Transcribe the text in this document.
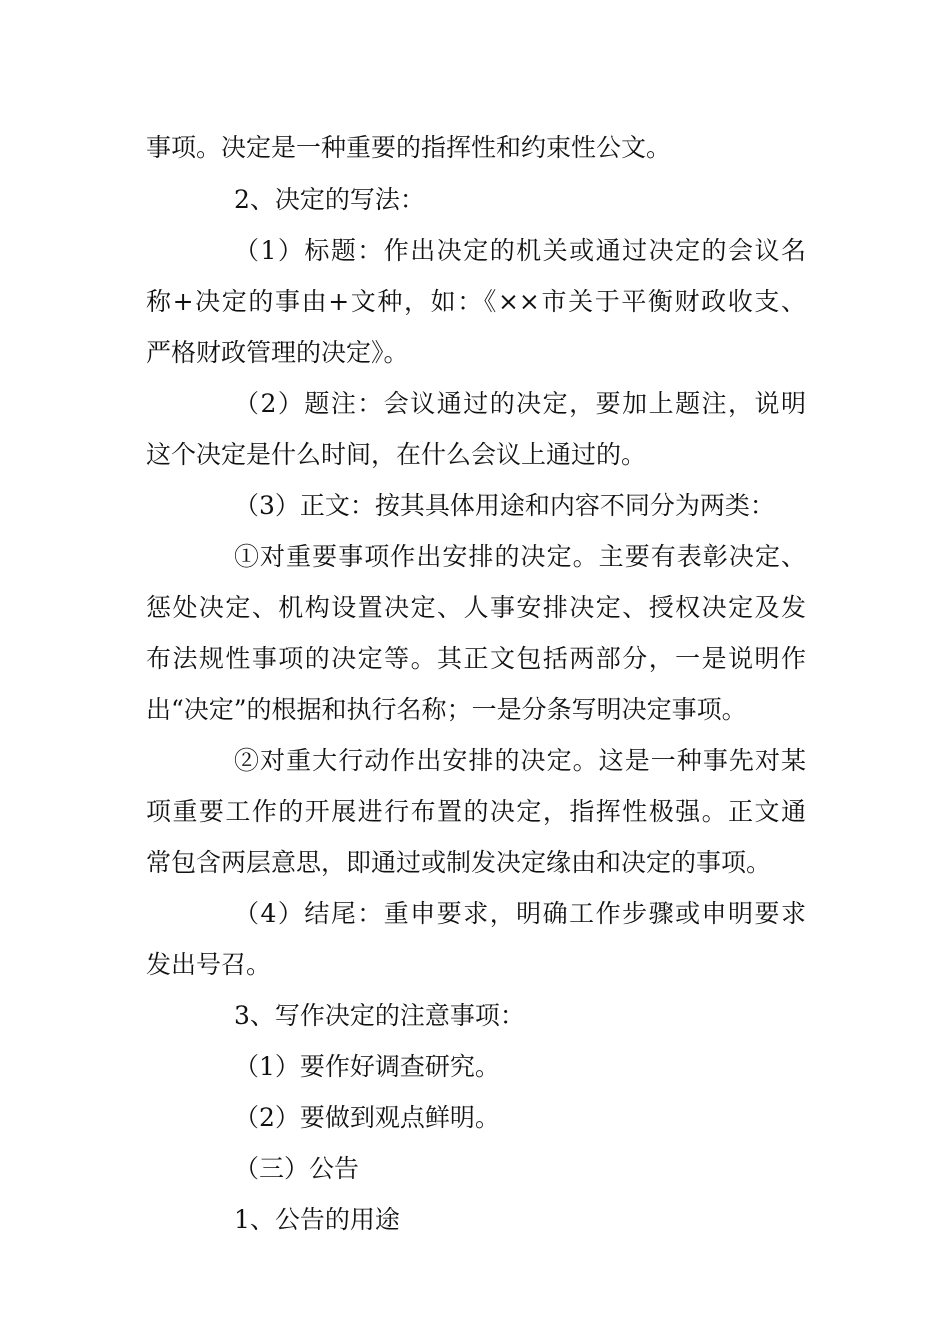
事项。决定是一种重要的指挥性和约束性公文。
2、决定的写法：
（1）标题：作出决定的机关或通过决定的会议名
称+决定的事由+文种，如：《××市关于平衡财政收支、
严格财政管理的决定》。
（2）题注：会议通过的决定，要加上题注，说明
这个决定是什么时间，在什么会议上通过的。
（3）正文：按其具体用途和内容不同分为两类：
①对重要事项作出安排的决定。主要有表彰决定、
惩处决定、机构设置决定、人事安排决定、授权决定及发
布法规性事项的决定等。其正文包括两部分，一是说明作
出“决定”的根据和执行名称；一是分条写明决定事项。
②对重大行动作出安排的决定。这是一种事先对某
项重要工作的开展进行布置的决定，指挥性极强。正文通
常包含两层意思，即通过或制发决定缘由和决定的事项。
（4）结尾：重申要求，明确工作步骤或申明要求
发出号召。
3、写作决定的注意事项：
（1）要作好调查研究。
（2）要做到观点鲜明。
（三）公告
1、公告的用途
